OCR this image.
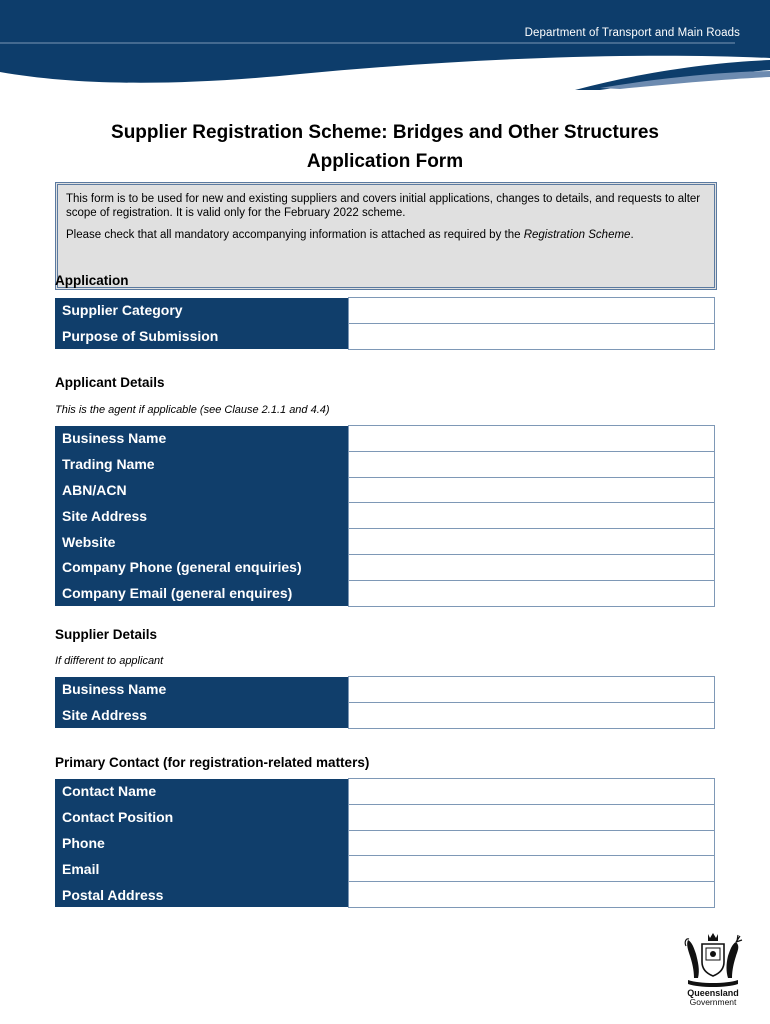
Department of Transport and Main Roads
Supplier Registration Scheme: Bridges and Other Structures
Application Form

This form is to be used for new and existing suppliers and covers initial applications, changes to details, and requests to alter scope of registration. It is valid only for the February 2022 scheme.

Please check that all mandatory accompanying information is attached as required by the Registration Scheme.

Application
Supplier Category	
Purpose of Submission	
Applicant Details
This is the agent if applicable (see Clause 2.1.1 and 4.4)
Business Name	
Trading Name	
ABN/ACN	
Site Address	
Website	
Company Phone (general enquiries)	
Company Email (general enquires)	
Supplier Details
If different to applicant
Business Name	
Site Address	
Primary Contact (for registration-related matters)
Contact Name	
Contact Position	
Phone	
Email	
Postal Address	
Queensland
Government
